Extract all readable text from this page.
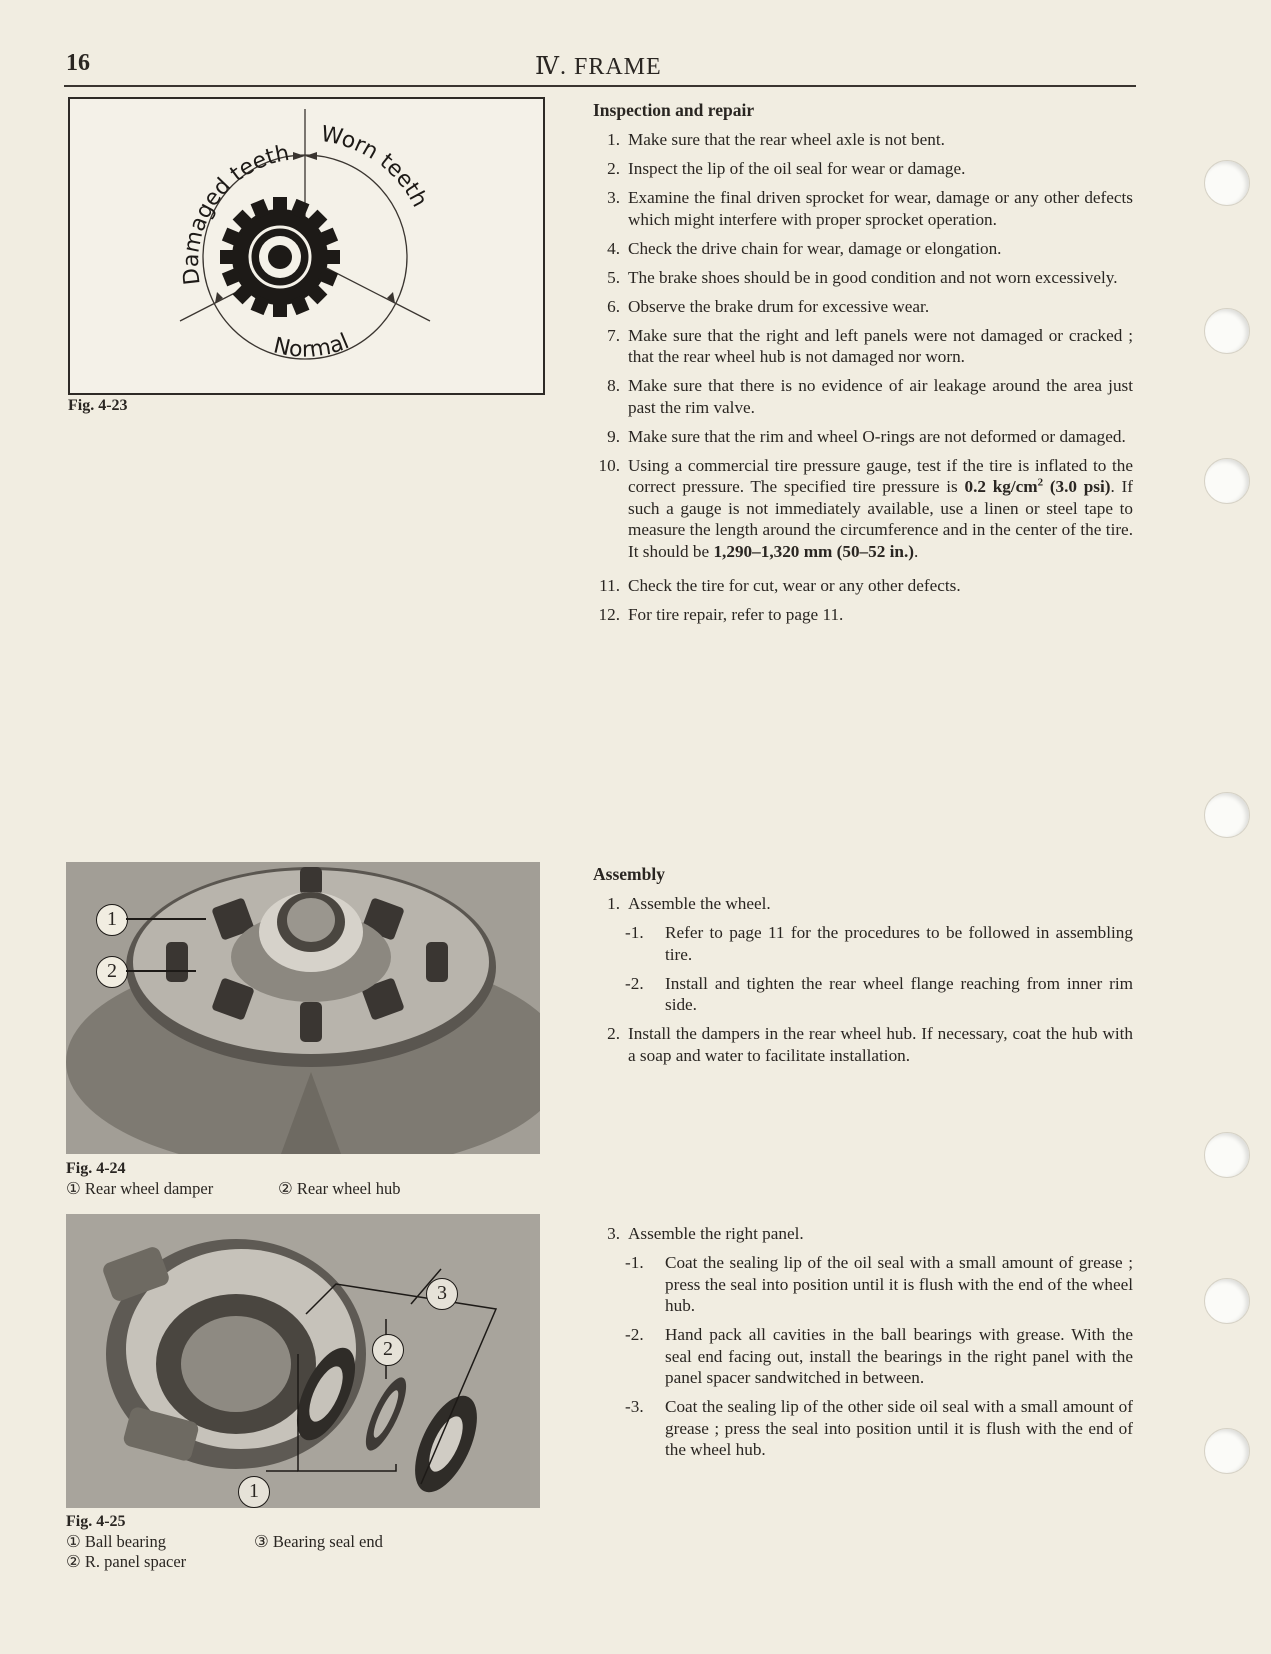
16	Ⅳ. FRAME
Damaged teeth
Worn teeth
Normal
Fig. 4-23
1
2
Fig. 4-24
① Rear wheel damper	② Rear wheel hub
3
2
1
Fig. 4-25
① Ball bearing	③ Bearing seal end
② R. panel spacer
Inspection and repair
1. Make sure that the rear wheel axle is not bent.
2. Inspect the lip of the oil seal for wear or damage.
3. Examine the final driven sprocket for wear, damage or any other defects which might interfere with proper sprocket operation.
4. Check the drive chain for wear, damage or elongation.
5. The brake shoes should be in good condition and not worn excessively.
6. Observe the brake drum for excessive wear.
7. Make sure that the right and left panels were not damaged or cracked ; that the rear wheel hub is not damaged nor worn.
8. Make sure that there is no evidence of air leakage around the area just past the rim valve.
9. Make sure that the rim and wheel O-rings are not deformed or damaged.
10. Using a commercial tire pressure gauge, test if the tire is inflated to the correct pressure. The specified tire pressure is 0.2 $kg/cm^2$ (3.0 psi). If such a gauge is not immediately available, use a linen or steel tape to measure the length around the circumference and in the center of the tire. It should be 1,290–1,320 mm (50–52 in.).
11. Check the tire for cut, wear or any other defects.
12. For tire repair, refer to page 11.
Assembly
1. Assemble the wheel.
-1. Refer to page 11 for the procedures to be followed in assembling tire.
-2. Install and tighten the rear wheel flange reaching from inner rim side.
2. Install the dampers in the rear wheel hub. If necessary, coat the hub with a soap and water to facilitate installation.
3. Assemble the right panel.
-1. Coat the sealing lip of the oil seal with a small amount of grease ; press the seal into position until it is flush with the end of the wheel hub.
-2. Hand pack all cavities in the ball bearings with grease. With the seal end facing out, install the bearings in the right panel with the panel spacer sandwitched in between.
-3. Coat the sealing lip of the other side oil seal with a small amount of grease ; press the seal into position until it is flush with the end of the wheel hub.
